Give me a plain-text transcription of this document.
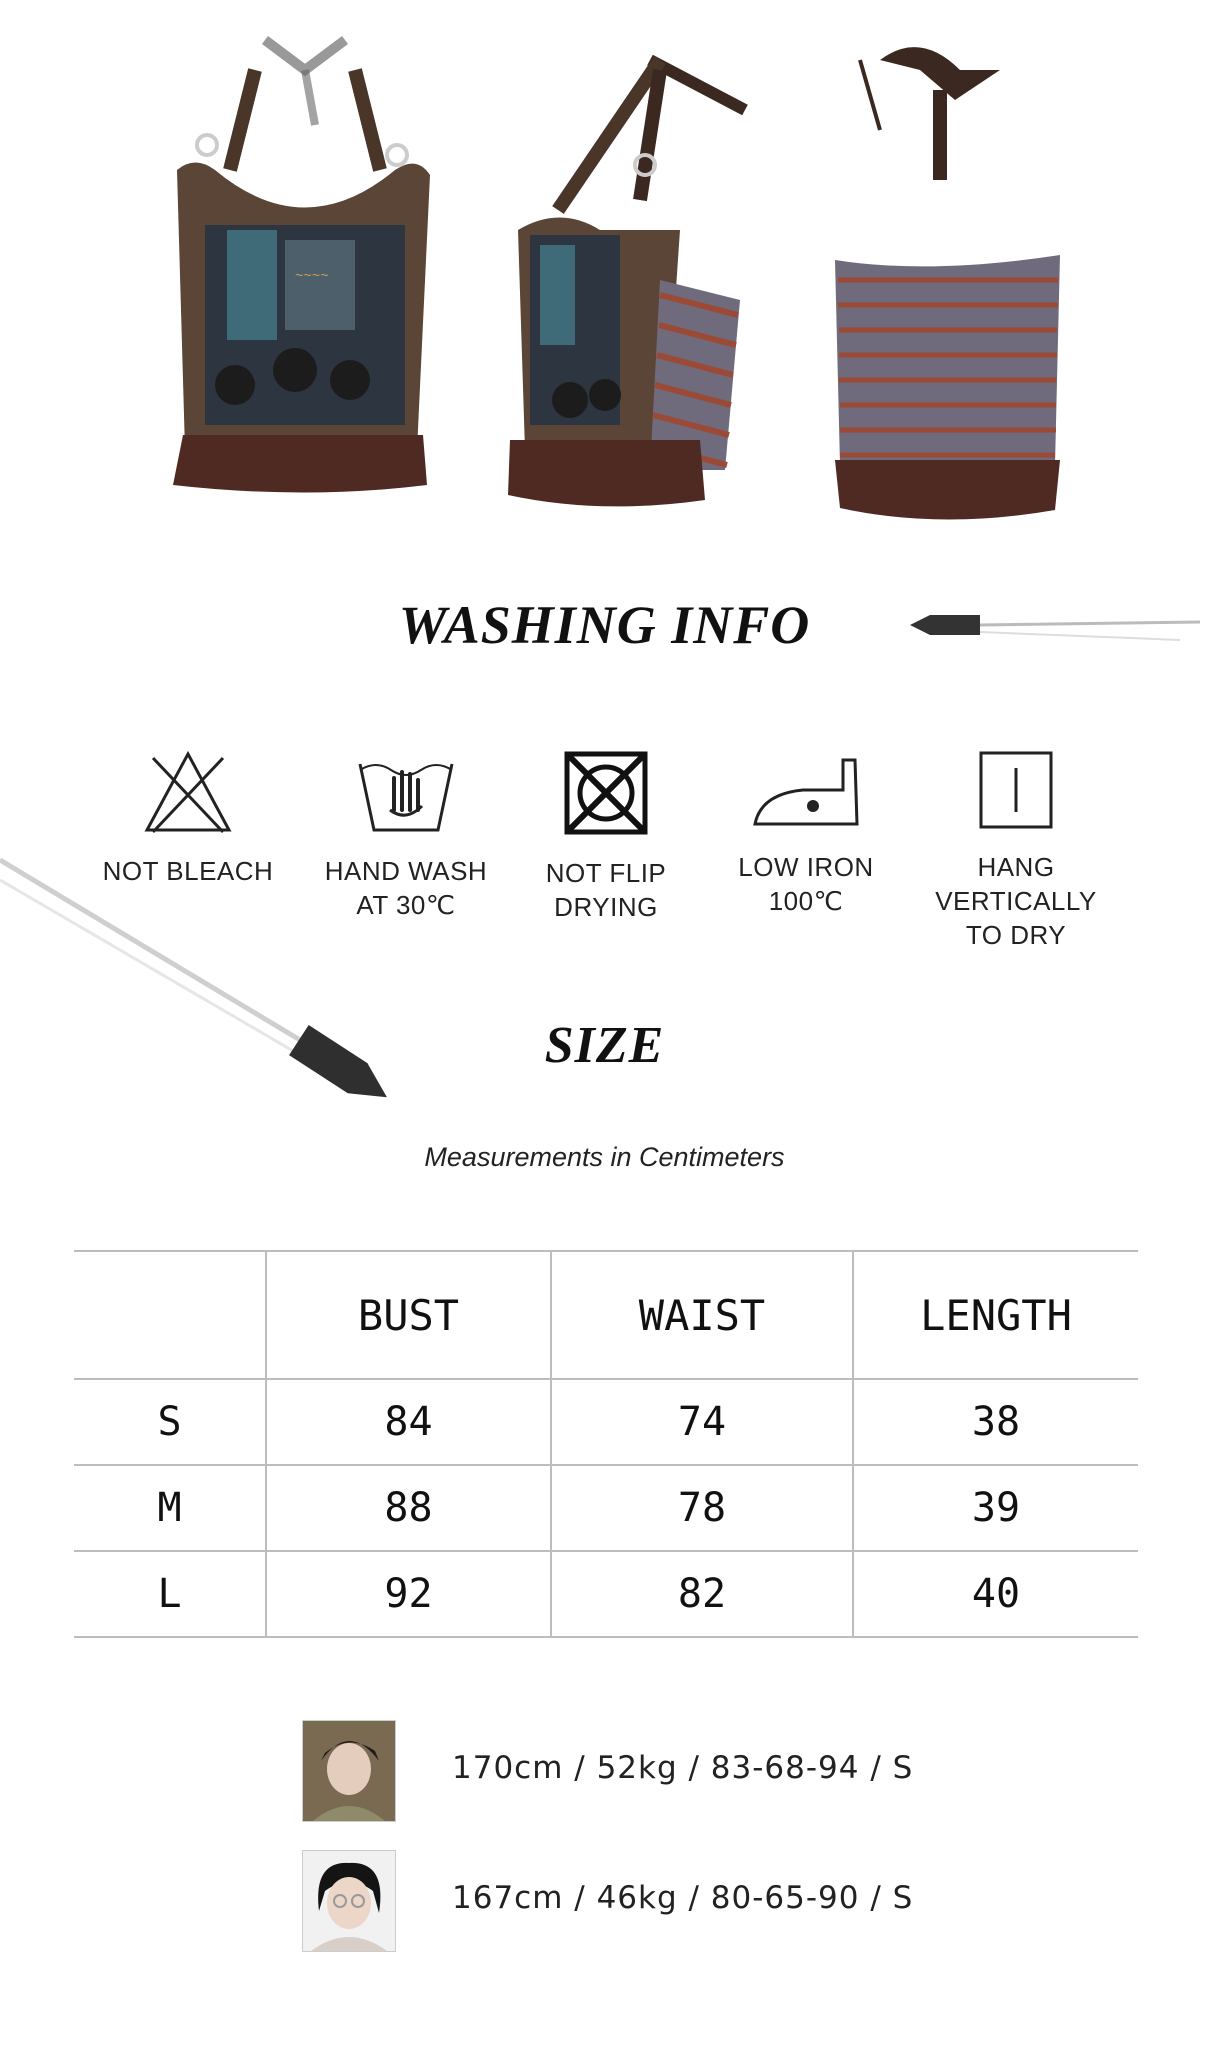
~~~~
WASHING INFO
NOT BLEACH	HAND WASH
AT 30℃
NOT FLIP
DRYING
LOW IRON
100℃
HANG VERTICALLY
TO DRY
SIZE
Measurements in Centimeters
	BUST	WAIST	LENGTH
S	84	74	38
M	88	78	39
L	92	82	40
170cm / 52kg / 83-68-94 / S
167cm / 46kg / 80-65-90 / S
